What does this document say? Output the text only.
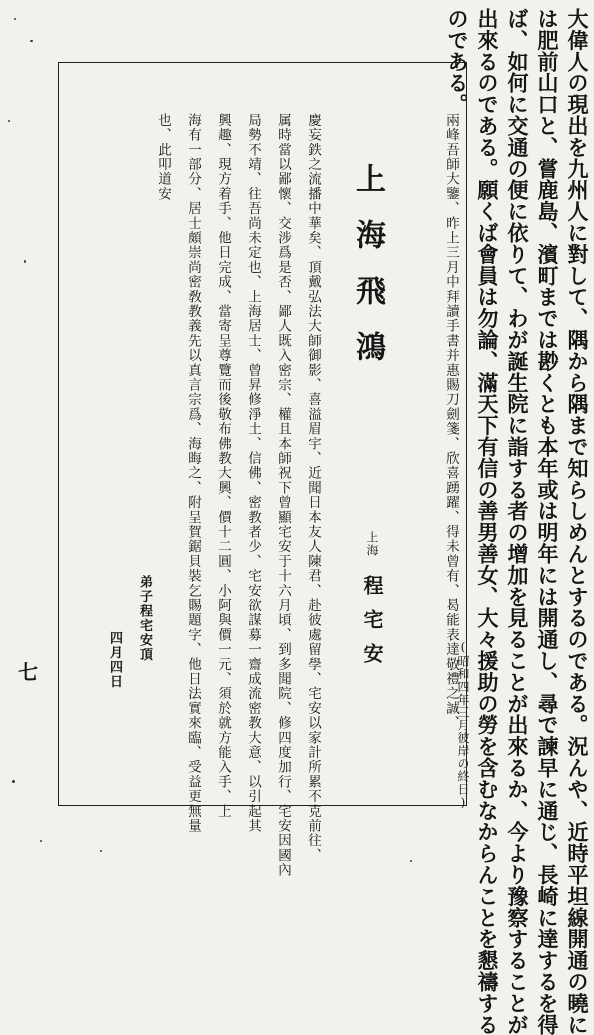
大偉人の現出を九州人に對して、隅から隅まで知らしめんとするのである。況んや、近時平坦線開通の曉に
は肥前山口と、嘗鹿島、濱町までは尠くとも本年或は明年には開通し、尋で諫早に通じ、長崎に達するを得
ば、如何に交通の便に依りて、わが誕生院に詣する者の增加を見ることが出來るか、今より豫察することが
出來るのである。願くば會員は勿論、滿天下有信の善男善女、大々援助の勞を含むなからんことを懇禱する
のである。
(昭和四年三月彼岸の終日)
上海飛鴻
上海
程宅安	兩峰吾師大鑒、昨上三月中拜讀手書并惠賜刀劍箋、欣喜踴躍、得未曾有、曷能表達敬禮之誠、
慶妄鉄之流播中華矣、頂戴弘法大師御影、喜溢眉宇、近聞日本友人陳君、赴彼處留學、宅安以家計所累不克前往、
属時當以鄙懷、交涉爲是否、鄙人既入密宗、權且本師祝下曾顯宅安于十六月頃、到多聞院、修四度加行、宅安因國內
局勢不靖、往吾尚未定也、上海居士、曾昇修淨土、信佛、密教者少、宅安欲謀募一齋成流密教大意、以引起其
興趣、現方着手、他日完成、當寄呈尊覽而後敬布佛教大興、價十二圓、小阿與價一元、須於就方能入手、上
海有一部分、居士頗崇尚密敎教義先以真言宗爲、海晦之、附呈賀鋸貝裝乞賜題字、他日法實來臨、受益更無量
也、此叩道安
弟子程宅安頂
四月四日
七
